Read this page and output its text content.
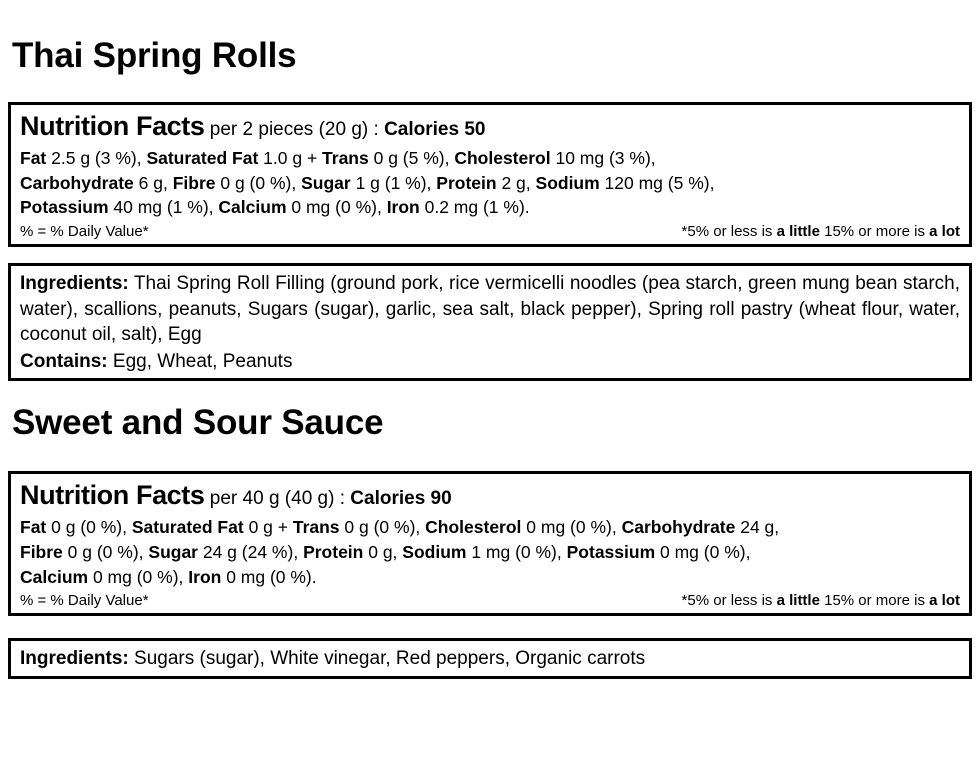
Thai Spring Rolls
Nutrition Facts per 2 pieces (20 g) : Calories 50
Fat 2.5 g (3 %), Saturated Fat 1.0 g + Trans 0 g (5 %), Cholesterol 10 mg (3 %),
Carbohydrate 6 g, Fibre 0 g (0 %), Sugar 1 g (1 %), Protein 2 g, Sodium 120 mg (5 %),
Potassium 40 mg (1 %), Calcium 0 mg (0 %), Iron 0.2 mg (1 %).
% = % Daily Value*	*5% or less is a little 15% or more is a lot
Ingredients: Thai Spring Roll Filling (ground pork, rice vermicelli noodles (pea starch, green mung bean starch, water), scallions, peanuts, Sugars (sugar), garlic, sea salt, black pepper), Spring roll pastry (wheat flour, water, coconut oil, salt), Egg
Contains: Egg, Wheat, Peanuts
Sweet and Sour Sauce
Nutrition Facts per 40 g (40 g) : Calories 90
Fat 0 g (0 %), Saturated Fat 0 g + Trans 0 g (0 %), Cholesterol 0 mg (0 %), Carbohydrate 24 g,
Fibre 0 g (0 %), Sugar 24 g (24 %), Protein 0 g, Sodium 1 mg (0 %), Potassium 0 mg (0 %),
Calcium 0 mg (0 %), Iron 0 mg (0 %).
% = % Daily Value*	*5% or less is a little 15% or more is a lot
Ingredients: Sugars (sugar), White vinegar, Red peppers, Organic carrots
